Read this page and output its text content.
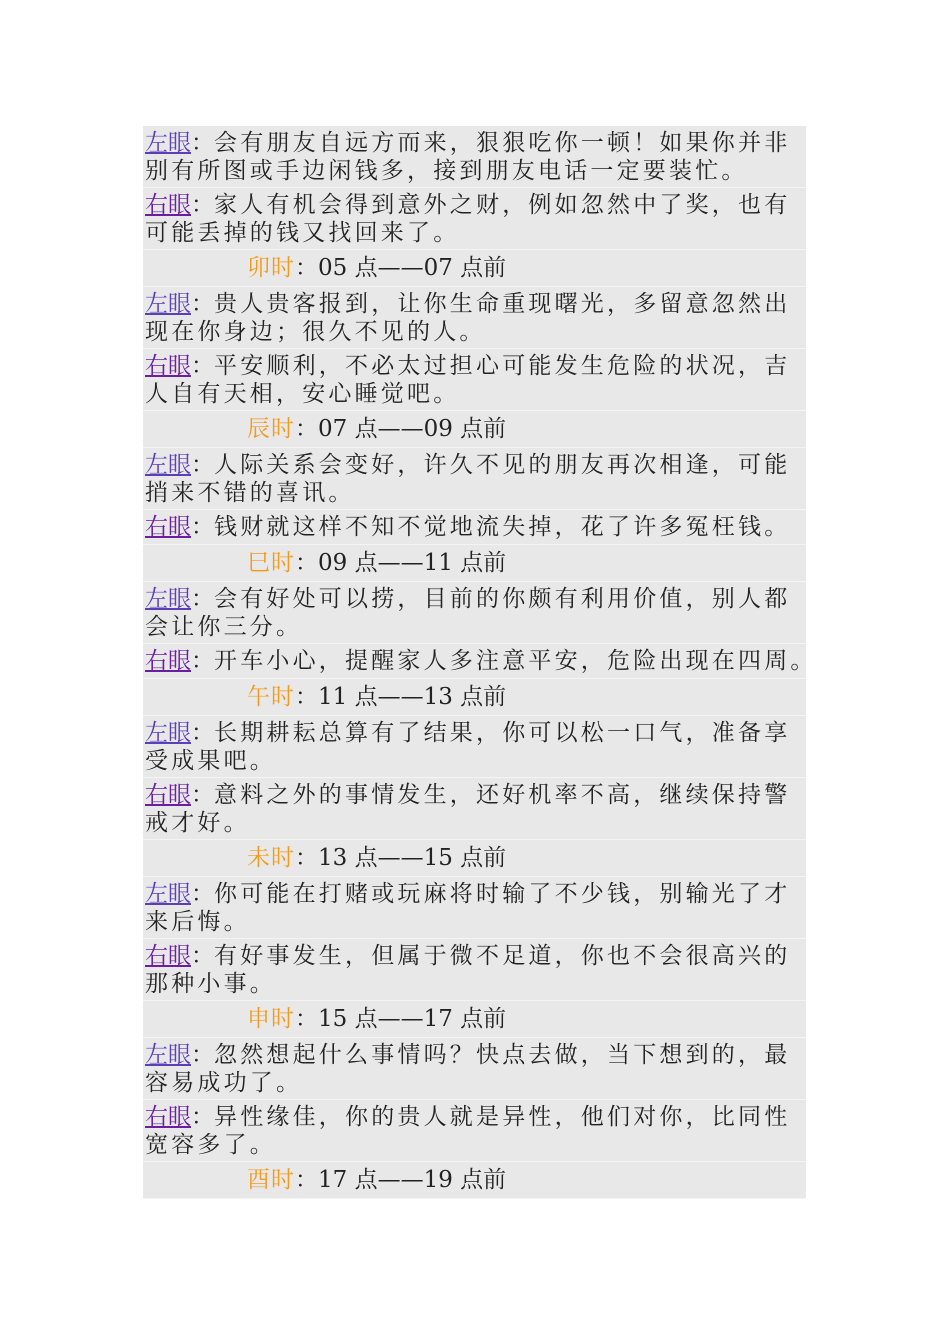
左眼：会有朋友自远方而来，狠狠吃你一顿！如果你并非
别有所图或手边闲钱多，接到朋友电话一定要装忙。
右眼：家人有机会得到意外之财，例如忽然中了奖，也有
可能丢掉的钱又找回来了。
卯时：05 点——07 点前
左眼：贵人贵客报到，让你生命重现曙光，多留意忽然出
现在你身边；很久不见的人。
右眼：平安顺利，不必太过担心可能发生危险的状况，吉
人自有天相，安心睡觉吧。
辰时：07 点——09 点前
左眼：人际关系会变好，许久不见的朋友再次相逢，可能
捎来不错的喜讯。
右眼：钱财就这样不知不觉地流失掉，花了许多冤枉钱。
巳时：09 点——11 点前
左眼：会有好处可以捞，目前的你颇有利用价值，别人都
会让你三分。
右眼：开车小心，提醒家人多注意平安，危险出现在四周。
午时：11 点——13 点前
左眼：长期耕耘总算有了结果，你可以松一口气，准备享
受成果吧。
右眼：意料之外的事情发生，还好机率不高，继续保持警
戒才好。
未时：13 点——15 点前
左眼：你可能在打赌或玩麻将时输了不少钱，别输光了才
来后悔。
右眼：有好事发生，但属于微不足道，你也不会很高兴的
那种小事。
申时：15 点——17 点前
左眼：忽然想起什么事情吗？快点去做，当下想到的，最
容易成功了。
右眼：异性缘佳，你的贵人就是异性，他们对你，比同性
宽容多了。
酉时：17 点——19 点前
